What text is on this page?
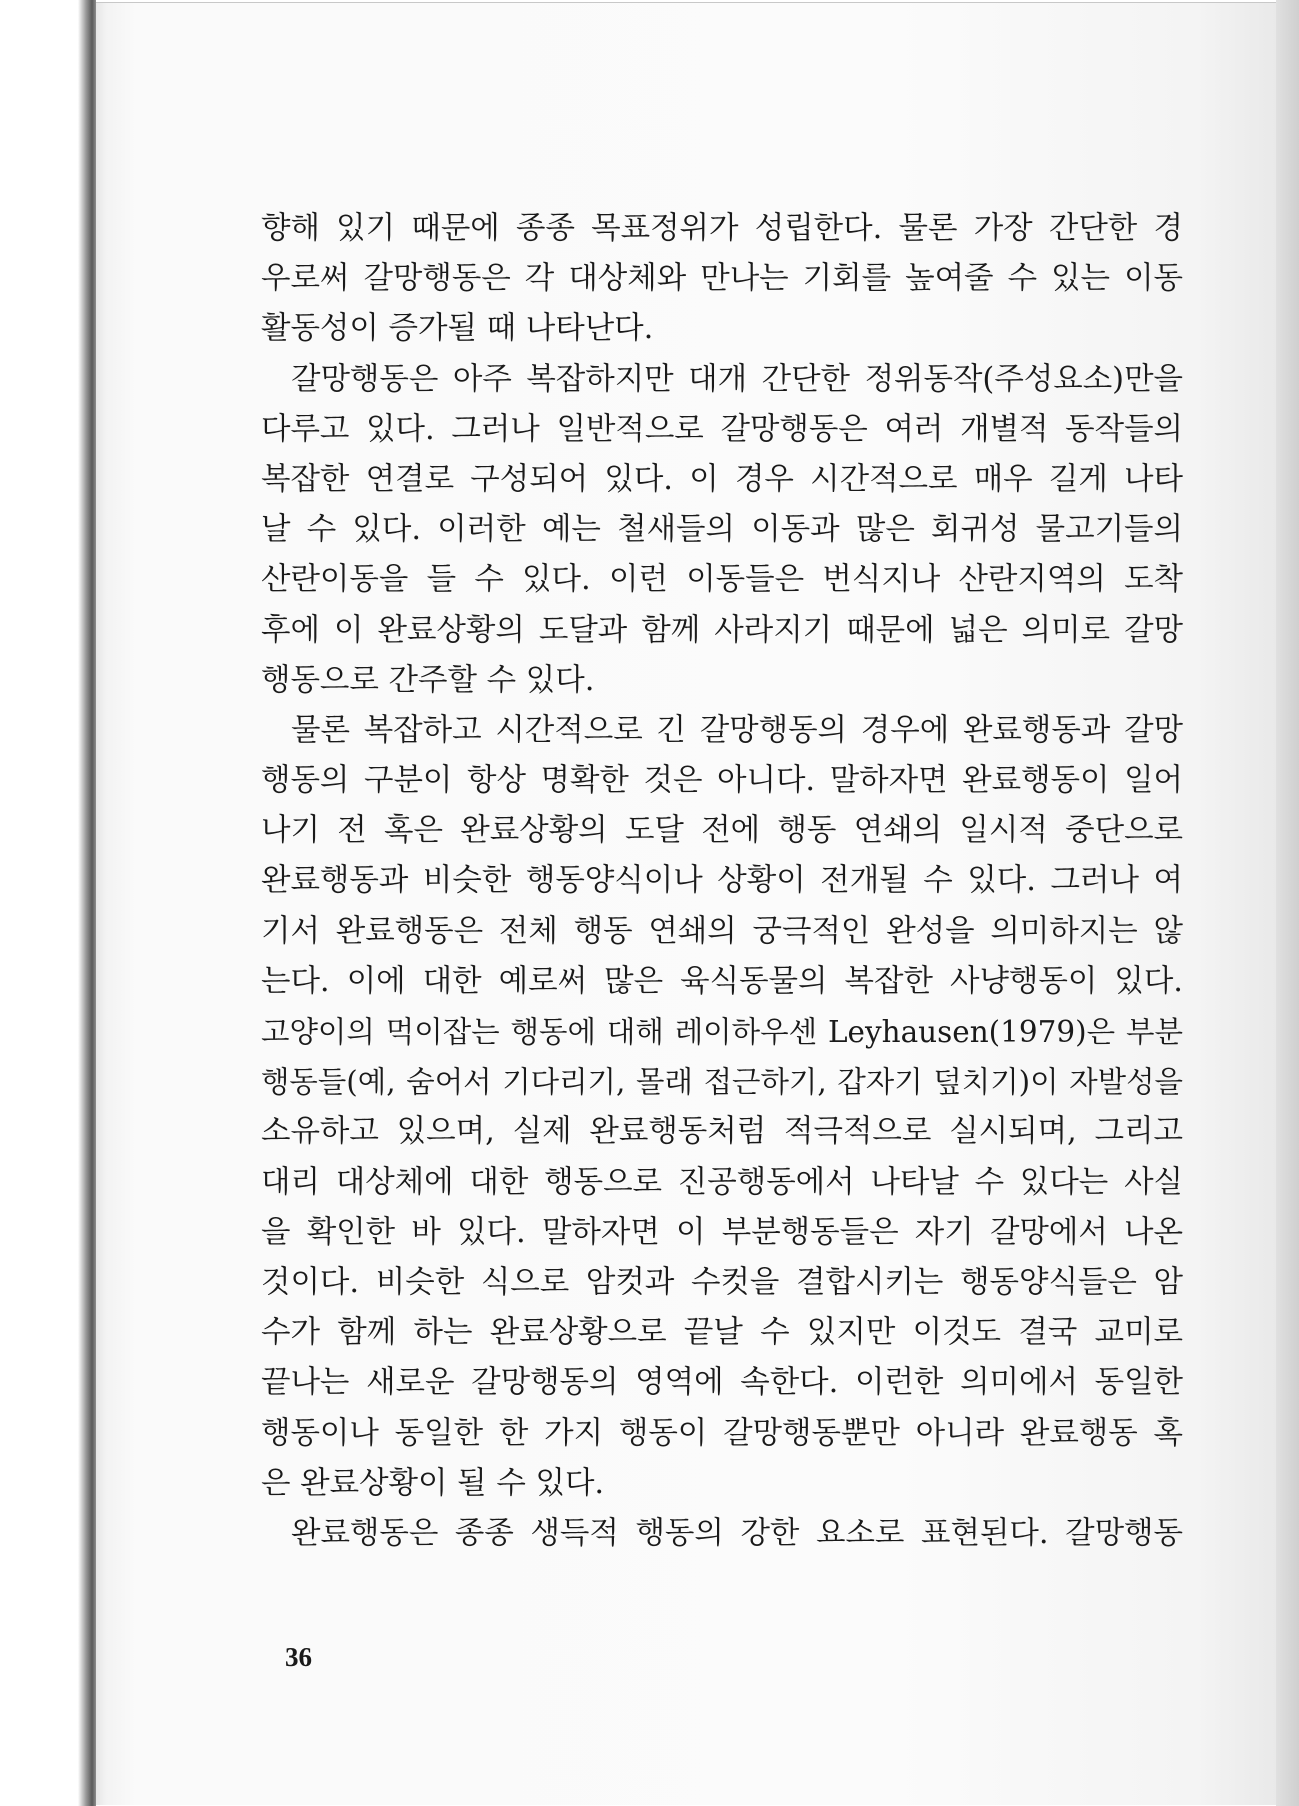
향해 있기 때문에 종종 목표정위가 성립한다. 물론 가장 간단한 경
우로써 갈망행동은 각 대상체와 만나는 기회를 높여줄 수 있는 이동
활동성이 증가될 때 나타난다.
갈망행동은 아주 복잡하지만 대개 간단한 정위동작(주성요소)만을
다루고 있다. 그러나 일반적으로 갈망행동은 여러 개별적 동작들의
복잡한 연결로 구성되어 있다. 이 경우 시간적으로 매우 길게 나타
날 수 있다. 이러한 예는 철새들의 이동과 많은 회귀성 물고기들의
산란이동을 들 수 있다. 이런 이동들은 번식지나 산란지역의 도착
후에 이 완료상황의 도달과 함께 사라지기 때문에 넓은 의미로 갈망
행동으로 간주할 수 있다.
물론 복잡하고 시간적으로 긴 갈망행동의 경우에 완료행동과 갈망
행동의 구분이 항상 명확한 것은 아니다. 말하자면 완료행동이 일어
나기 전 혹은 완료상황의 도달 전에 행동 연쇄의 일시적 중단으로
완료행동과 비슷한 행동양식이나 상황이 전개될 수 있다. 그러나 여
기서 완료행동은 전체 행동 연쇄의 궁극적인 완성을 의미하지는 않
는다. 이에 대한 예로써 많은 육식동물의 복잡한 사냥행동이 있다.
고양이의 먹이잡는 행동에 대해 레이하우센 Leyhausen(1979)은 부분
행동들(예, 숨어서 기다리기, 몰래 접근하기, 갑자기 덮치기)이 자발성을
소유하고 있으며, 실제 완료행동처럼 적극적으로 실시되며, 그리고
대리 대상체에 대한 행동으로 진공행동에서 나타날 수 있다는 사실
을 확인한 바 있다. 말하자면 이 부분행동들은 자기 갈망에서 나온
것이다. 비슷한 식으로 암컷과 수컷을 결합시키는 행동양식들은 암
수가 함께 하는 완료상황으로 끝날 수 있지만 이것도 결국 교미로
끝나는 새로운 갈망행동의 영역에 속한다. 이런한 의미에서 동일한
행동이나 동일한 한 가지 행동이 갈망행동뿐만 아니라 완료행동 혹
은 완료상황이 될 수 있다.
완료행동은 종종 생득적 행동의 강한 요소로 표현된다. 갈망행동
36
